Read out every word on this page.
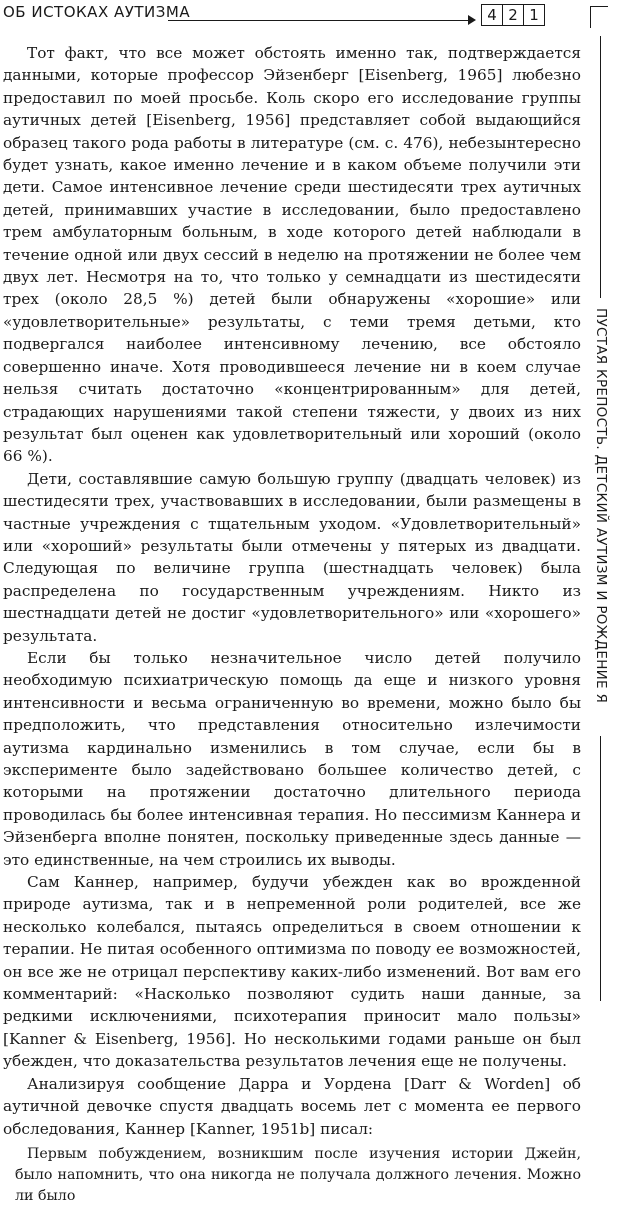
ОБ ИСТОКАХ АУТИЗМА	4 2 1
ПУСТАЯ КРЕПОСТЬ. ДЕТСКИЙ АУТИЗМ И РОЖДЕНИЕ Я

Тот факт, что все может обстоять именно так, подтверждается данными, которые профессор Эйзенберг [Eisenberg, 1965] любезно предоставил по моей просьбе. Коль скоро его исследование группы аутичных детей [Eisenberg, 1956] представляет собой выдающийся образец такого рода работы в литературе (см. с. 476), небезынтересно будет узнать, какое именно лечение и в каком объеме получили эти дети. Самое интенсивное лечение среди шестидесяти трех аутичных детей, принимавших участие в исследовании, было предоставлено трем амбулаторным больным, в ходе которого детей наблюдали в течение одной или двух сессий в неделю на протяжении не более чем двух лет. Несмотря на то, что только у семнадцати из шестидесяти трех (около 28,5 %) детей были обнаружены «хорошие» или «удовлетворительные» результаты, с теми тремя детьми, кто подвергался наиболее интенсивному лечению, все обстояло совершенно иначе. Хотя проводившееся лечение ни в коем случае нельзя считать достаточно «концентрированным» для детей, страдающих нарушениями такой степени тяжести, у двоих из них результат был оценен как удовлетворительный или хороший (около 66 %).

Дети, составлявшие самую большую группу (двадцать человек) из шестидесяти трех, участвовавших в исследовании, были размещены в частные учреждения с тщательным уходом. «Удовлетворительный» или «хороший» результаты были отмечены у пятерых из двадцати. Следующая по величине группа (шестнадцать человек) была распределена по государственным учреждениям. Никто из шестнадцати детей не достиг «удовлетворительного» или «хорошего» результата.

Если бы только незначительное число детей получило необходимую психиатрическую помощь да еще и низкого уровня интенсивности и весьма ограниченную во времени, можно было бы предположить, что представления относительно излечимости аутизма кардинально изменились в том случае, если бы в эксперименте было задействовано большее количество детей, с которыми на протяжении достаточно длительного периода проводилась бы более интенсивная терапия. Но пессимизм Каннера и Эйзенберга вполне понятен, поскольку приведенные здесь данные — это единственные, на чем строились их выводы.

Сам Каннер, например, будучи убежден как во врожденной природе аутизма, так и в непременной роли родителей, все же несколько колебался, пытаясь определиться в своем отношении к терапии. Не питая особенного оптимизма по поводу ее возможностей, он все же не отрицал перспективу каких-либо изменений. Вот вам его комментарий: «Насколько позволяют судить наши данные, за редкими исключениями, психотерапия приносит мало пользы» [Kanner & Eisenberg, 1956]. Но несколькими годами раньше он был убежден, что доказательства результатов лечения еще не получены.

Анализируя сообщение Дарра и Уордена [Darr & Worden] об аутичной девочке спустя двадцать восемь лет с момента ее первого обследования, Каннер [Kanner, 1951b] писал:

Первым побуждением, возникшим после изучения истории Джейн, было напомнить, что она никогда не получала должного лечения. Можно ли было
